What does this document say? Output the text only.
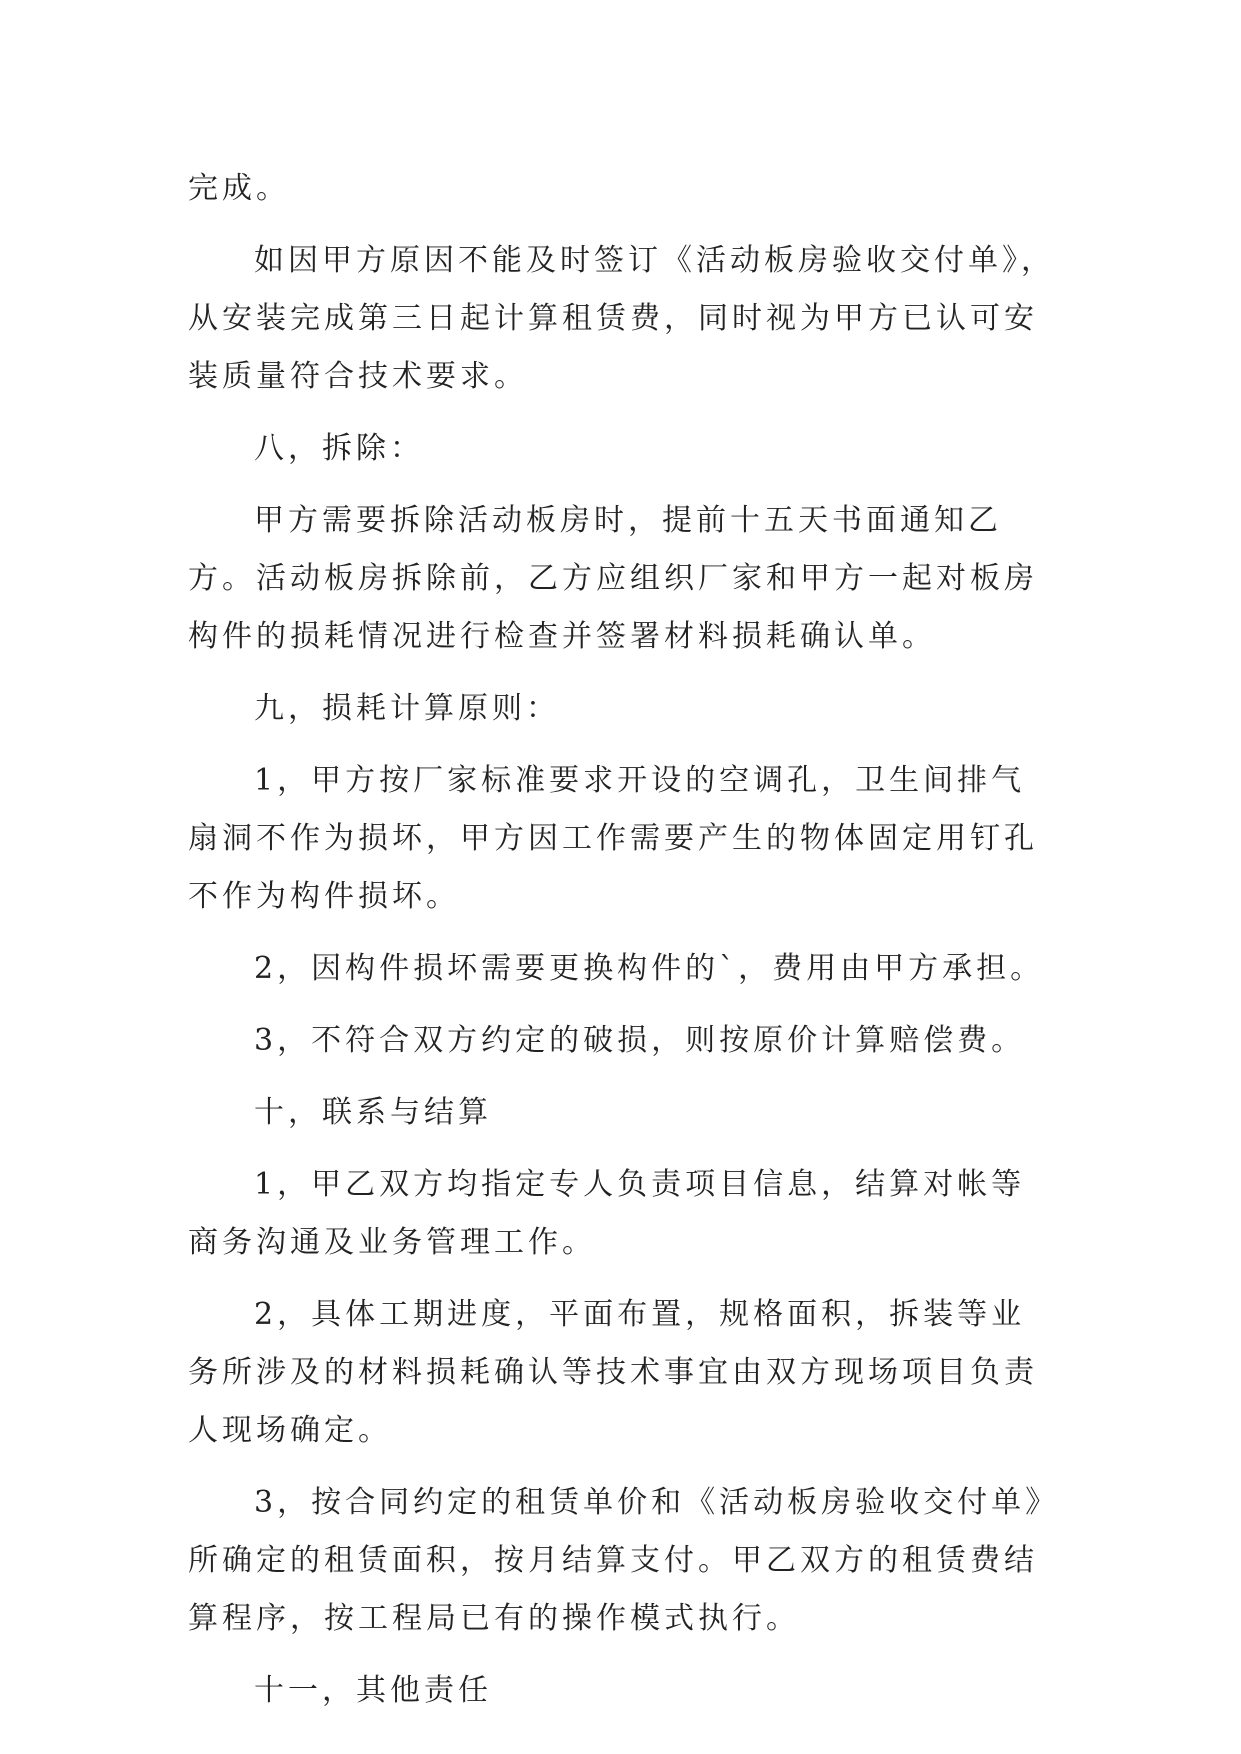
完成。

如因甲方原因不能及时签订《活动板房验收交付单》，从安装完成第三日起计算租赁费，同时视为甲方已认可安装质量符合技术要求。

八，拆除：

甲方需要拆除活动板房时，提前十五天书面通知乙方。活动板房拆除前，乙方应组织厂家和甲方一起对板房构件的损耗情况进行检查并签署材料损耗确认单。

九，损耗计算原则：

1，甲方按厂家标准要求开设的空调孔，卫生间排气扇洞不作为损坏，甲方因工作需要产生的物体固定用钉孔不作为构件损坏。

2，因构件损坏需要更换构件的`，费用由甲方承担。

3，不符合双方约定的破损，则按原价计算赔偿费。

十，联系与结算

1，甲乙双方均指定专人负责项目信息，结算对帐等商务沟通及业务管理工作。

2，具体工期进度，平面布置，规格面积，拆装等业务所涉及的材料损耗确认等技术事宜由双方现场项目负责人现场确定。

3，按合同约定的租赁单价和《活动板房验收交付单》所确定的租赁面积，按月结算支付。甲乙双方的租赁费结算程序，按工程局已有的操作模式执行。

十一，其他责任
